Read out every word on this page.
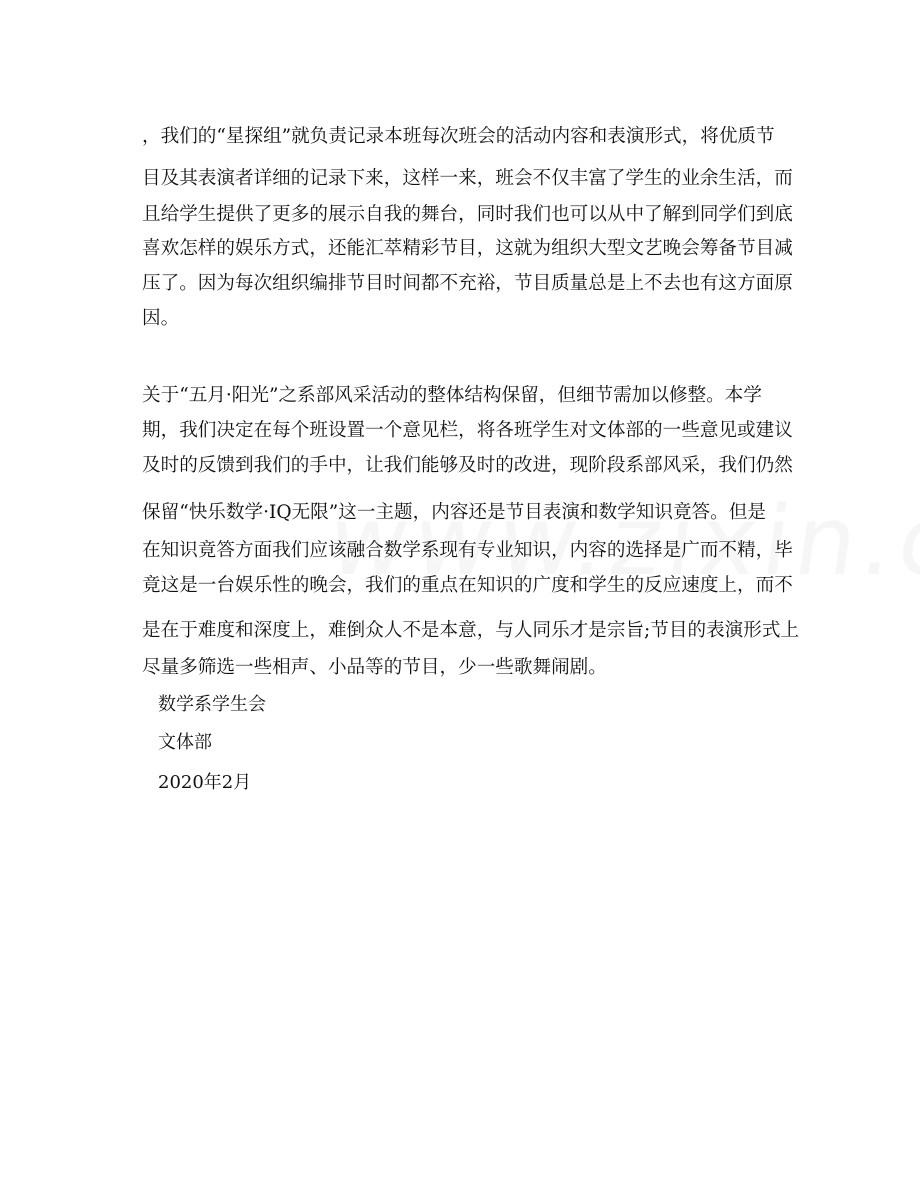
，我们的“星探组”就负责记录本班每次班会的活动内容和表演形式，将优质节
目及其表演者详细的记录下来，这样一来，班会不仅丰富了学生的业余生活，而
且给学生提供了更多的展示自我的舞台，同时我们也可以从中了解到同学们到底
喜欢怎样的娱乐方式，还能汇萃精彩节目，这就为组织大型文艺晚会筹备节目减
压了。因为每次组织编排节目时间都不充裕，节目质量总是上不去也有这方面原
因。
关于“五月·阳光”之系部风采活动的整体结构保留，但细节需加以修整。本学
期，我们决定在每个班设置一个意见栏，将各班学生对文体部的一些意见或建议
及时的反馈到我们的手中，让我们能够及时的改进，现阶段系部风采，我们仍然
保留“快乐数学·IQ无限”这一主题，内容还是节目表演和数学知识竟答。但是
在知识竟答方面我们应该融合数学系现有专业知识，内容的选择是广而不精，毕
竟这是一台娱乐性的晚会，我们的重点在知识的广度和学生的反应速度上，而不
是在于难度和深度上，难倒众人不是本意，与人同乐才是宗旨;节目的表演形式上
尽量多筛选一些相声、小品等的节目，少一些歌舞闹剧。
数学系学生会
文体部
2020年2月
